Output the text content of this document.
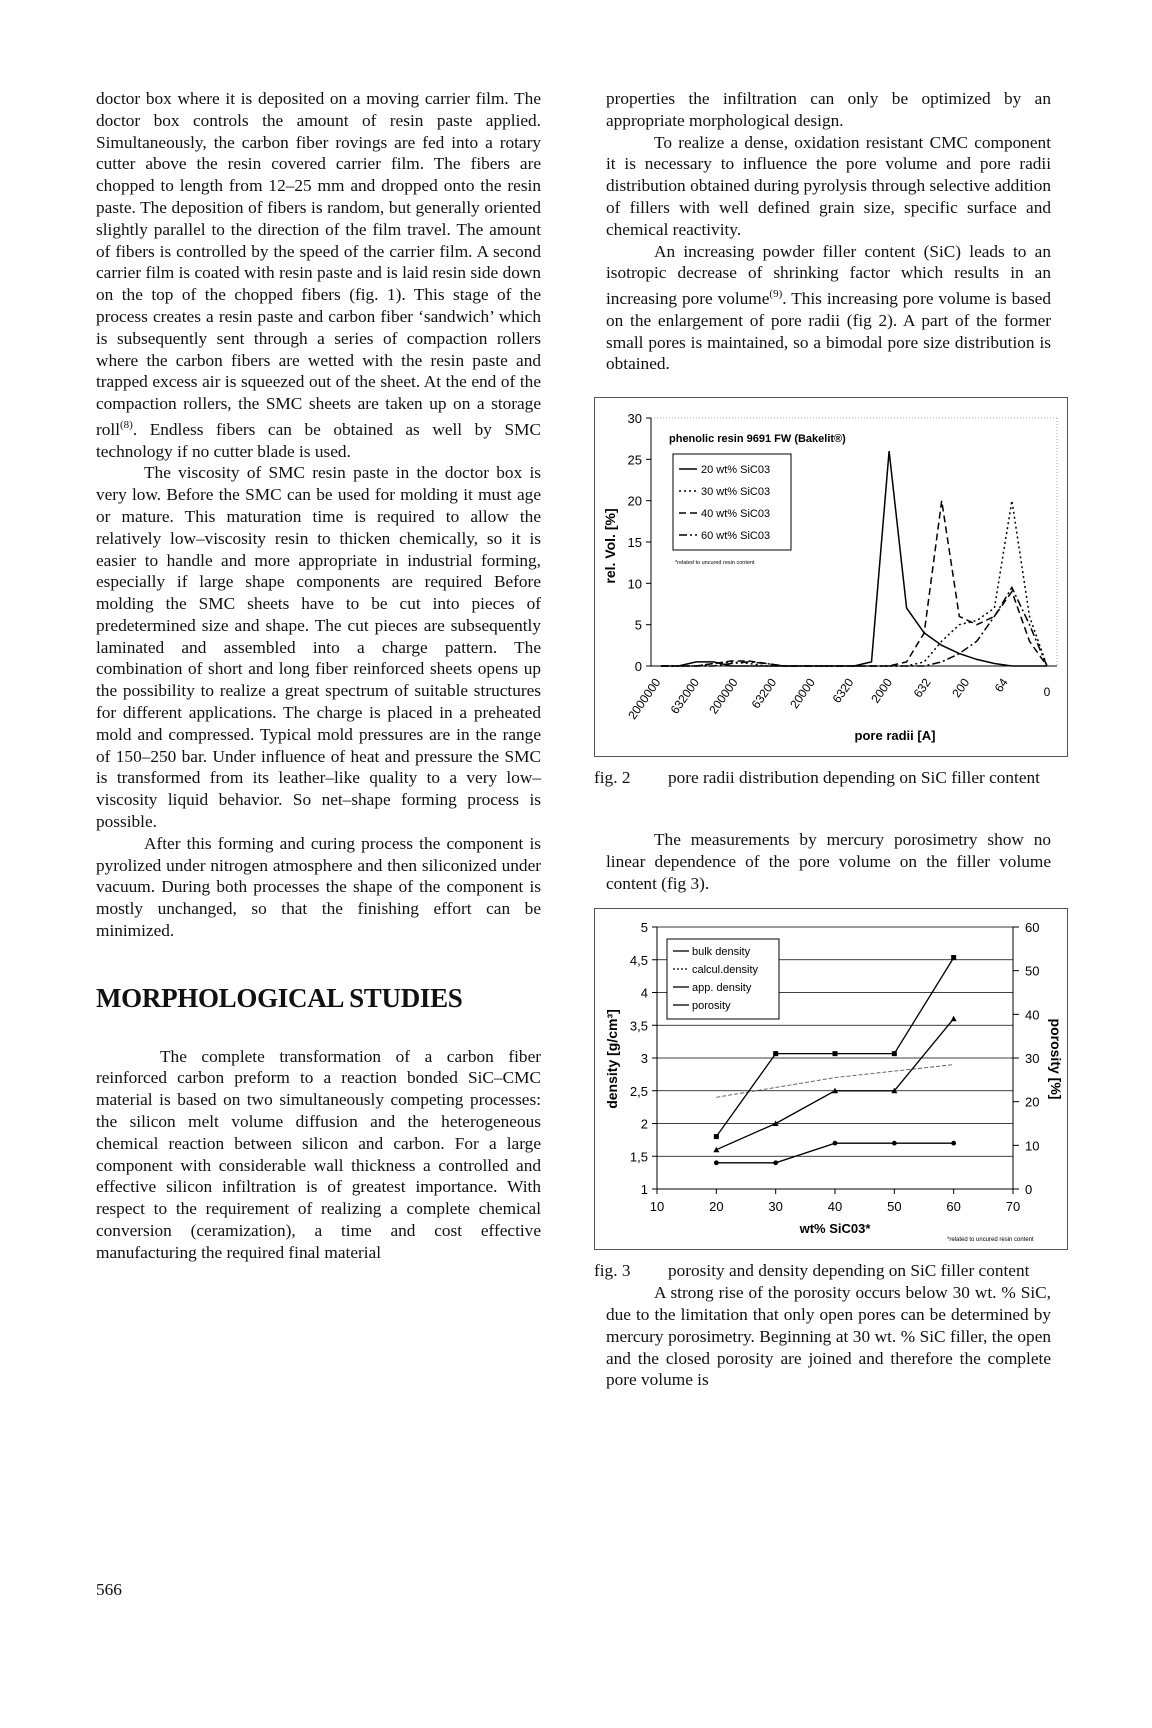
doctor box where it is deposited on a moving carrier film. The doctor box controls the amount of resin paste applied. Simultaneously, the carbon fiber rovings are fed into a rotary cutter above the resin covered carrier film. The fibers are chopped to length from 12–25 mm and dropped onto the resin paste. The deposition of fibers is random, but generally oriented slightly parallel to the direction of the film travel. The amount of fibers is controlled by the speed of the carrier film. A second carrier film is coated with resin paste and is laid resin side down on the top of the chopped fibers (fig. 1). This stage of the process creates a resin paste and carbon fiber ‘sandwich’ which is subsequently sent through a series of compaction rollers where the carbon fibers are wetted with the resin paste and trapped excess air is squeezed out of the sheet. At the end of the compaction rollers, the SMC sheets are taken up on a storage roll$^{(8)}$. Endless fibers can be obtained as well by SMC technology if no cutter blade is used.

The viscosity of SMC resin paste in the doctor box is very low. Before the SMC can be used for molding it must age or mature. This maturation time is required to allow the relatively low–viscosity resin to thicken chemically, so it is easier to handle and more appropriate in industrial forming, especially if large shape components are required Before molding the SMC sheets have to be cut into pieces of predetermined size and shape. The cut pieces are subsequently laminated and assembled into a charge pattern. The combination of short and long fiber reinforced sheets opens up the possibility to realize a great spectrum of suitable structures for different applications. The charge is placed in a preheated mold and compressed. Typical mold pressures are in the range of 150–250 bar. Under influence of heat and pressure the SMC is transformed from its leather–like quality to a very low–viscosity liquid behavior. So net–shape forming process is possible.

After this forming and curing process the component is pyrolized under nitrogen atmosphere and then siliconized under vacuum. During both processes the shape of the component is mostly unchanged, so that the finishing effort can be minimized.

MORPHOLOGICAL STUDIES

The complete transformation of a carbon fiber reinforced carbon preform to a reaction bonded SiC–CMC material is based on two simultaneously competing processes: the silicon melt volume diffusion and the heterogeneous chemical reaction between silicon and carbon. For a large component with considerable wall thickness a controlled and effective silicon infiltration is of greatest importance. With respect to the requirement of realizing a complete chemical conversion (ceramization), a time and cost effective manufacturing the required final material

properties the infiltration can only be optimized by an appropriate morphological design.

To realize a dense, oxidation resistant CMC component it is necessary to influence the pore volume and pore radii distribution obtained during pyrolysis through selective addition of fillers with well defined grain size, specific surface and chemical reactivity.

An increasing powder filler content (SiC) leads to an isotropic decrease of shrinking factor which results in an increasing pore volume$^{(9)}$. This increasing pore volume is based on the enlargement of pore radii (fig 2). A part of the former small pores is maintained, so a bimodal pore size distribution is obtained.

0
5
10
15
20
25
30
2000000 632000 200000 63200 20000 6320 2000 632 200 64	0
rel. Vol. [%]
pore radii [A]
phenolic resin 9691 FW (Bakelit®)
20 wt% SiC03
30 wt% SiC03
40 wt% SiC03
60 wt% SiC03
*related to uncured resin content
fig. 2	pore radii distribution depending on SiC filler content

The measurements by mercury porosimetry show no linear dependence of the pore volume on the filler volume content (fig 3).

1
1,5
2
2,5
3
3,5
4
4,5
5
0
10
20
30
40
50
60
10	20	30	40	50	60	70
density [g/cm³]	porosity [%]
wt% SiC03*
*related to uncured resin content
bulk density
calcul.density
app. density
porosity
fig. 3	porosity and density depending on SiC filler content

A strong rise of the porosity occurs below 30 wt. % SiC, due to the limitation that only open pores can be determined by mercury porosimetry. Beginning at 30 wt. % SiC filler, the open and the closed porosity are joined and therefore the complete pore volume is

566
